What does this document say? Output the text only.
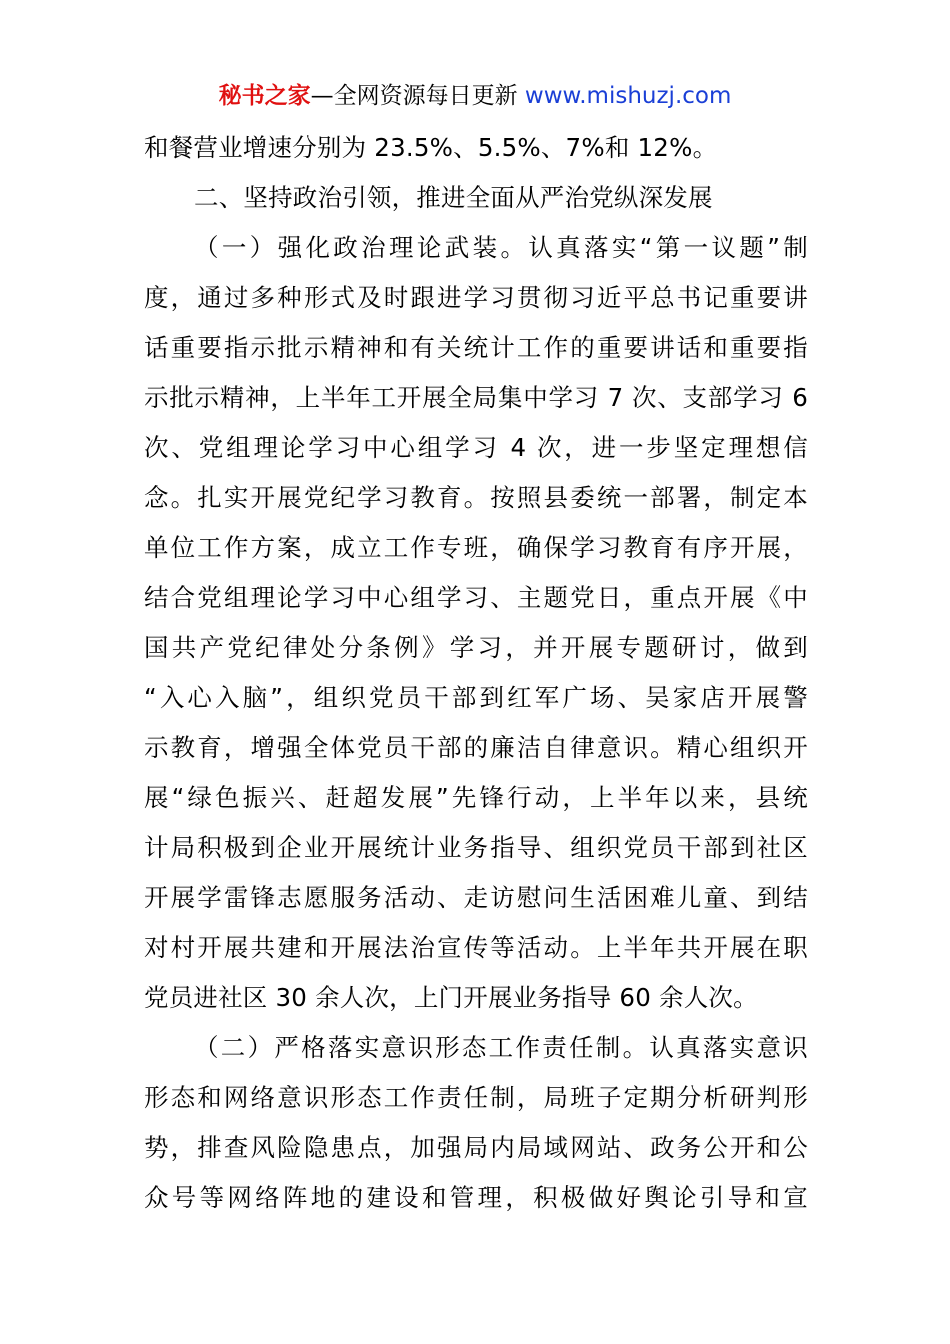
秘书之家—全网资源每日更新 www.mishuzj.com
和餐营业增速分别为 23.5%、5.5%、7%和 12%。
二、坚持政治引领，推进全面从严治党纵深发展
（一）强化政治理论武装。认真落实“第一议题”制
度，通过多种形式及时跟进学习贯彻习近平总书记重要讲
话重要指示批示精神和有关统计工作的重要讲话和重要指
示批示精神，上半年工开展全局集中学习 7 次、支部学习 6
次、党组理论学习中心组学习 4 次，进一步坚定理想信
念。扎实开展党纪学习教育。按照县委统一部署，制定本
单位工作方案，成立工作专班，确保学习教育有序开展，
结合党组理论学习中心组学习、主题党日，重点开展《中
国共产党纪律处分条例》学习，并开展专题研讨，做到
“入心入脑”，组织党员干部到红军广场、吴家店开展警
示教育，增强全体党员干部的廉洁自律意识。精心组织开
展“绿色振兴、赶超发展”先锋行动，上半年以来，县统
计局积极到企业开展统计业务指导、组织党员干部到社区
开展学雷锋志愿服务活动、走访慰问生活困难儿童、到结
对村开展共建和开展法治宣传等活动。上半年共开展在职
党员进社区 30 余人次，上门开展业务指导 60 余人次。
（二）严格落实意识形态工作责任制。认真落实意识
形态和网络意识形态工作责任制，局班子定期分析研判形
势，排查风险隐患点，加强局内局域网站、政务公开和公
众号等网络阵地的建设和管理，积极做好舆论引导和宣
